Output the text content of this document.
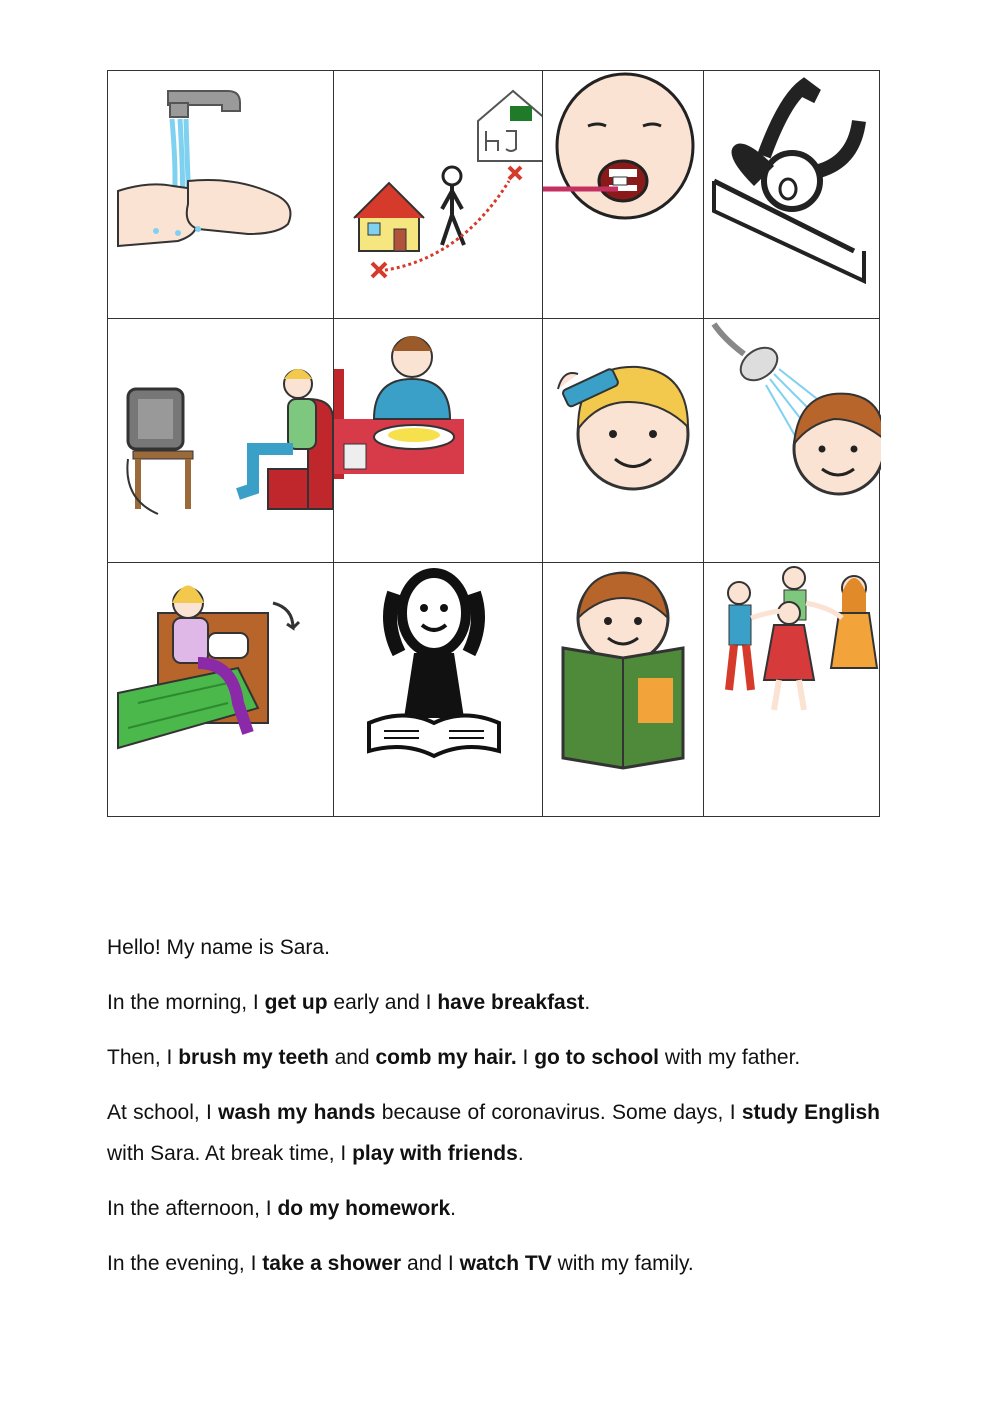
Hello! My name is Sara.

In the morning, I get up early and I have breakfast.

Then, I brush my teeth and comb my hair. I go to school with my father.

At school, I wash my hands because of coronavirus. Some days, I study English with Sara. At break time, I play with friends.

In the afternoon, I do my homework.

In the evening, I take a shower and I watch TV with my family.
